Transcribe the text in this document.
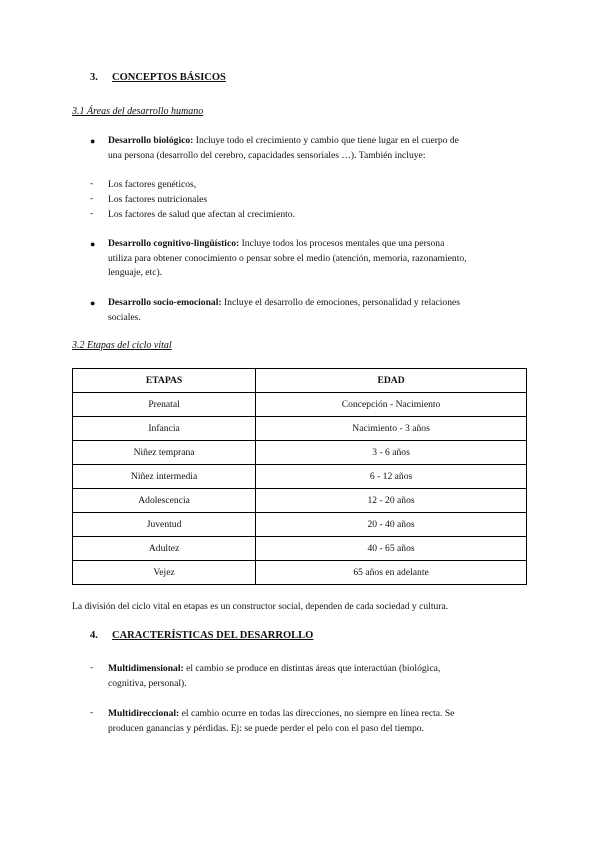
3. CONCEPTOS BÁSICOS
3.1 Áreas del desarrollo humano
● Desarrollo biológico: Incluye todo el crecimiento y cambio que tiene lugar en el cuerpo de
una persona (desarrollo del cerebro, capacidades sensoriales …). También incluye:
- Los factores genéticos,
- Los factores nutricionales
- Los factores de salud que afectan al crecimiento.
● Desarrollo cognitivo-lingüístico: Incluye todos los procesos mentales que una persona
utiliza para obtener conocimiento o pensar sobre el medio (atención, memoria, razonamiento,
lenguaje, etc).
● Desarrollo socio-emocional: Incluye el desarrollo de emociones, personalidad y relaciones
sociales.
3.2 Etapas del ciclo vital
ETAPAS	EDAD
Prenatal	Concepción - Nacimiento
Infancia	Nacimiento - 3 años
Niñez temprana	3 - 6 años
Niñez intermedia	6 - 12 años
Adolescencia	12 - 20 años
Juventud	20 - 40 años
Adultez	40 - 65 años
Vejez	65 años en adelante
La división del ciclo vital en etapas es un constructor social, dependen de cada sociedad y cultura.
4. CARACTERÍSTICAS DEL DESARROLLO
- Multidimensional: el cambio se produce en distintas áreas que interactúan (biológica,
cognitiva, personal).
- Multidireccional: el cambio ocurre en todas las direcciones, no siempre en línea recta. Se
producen ganancias y pérdidas. Ej: se puede perder el pelo con el paso del tiempo.
